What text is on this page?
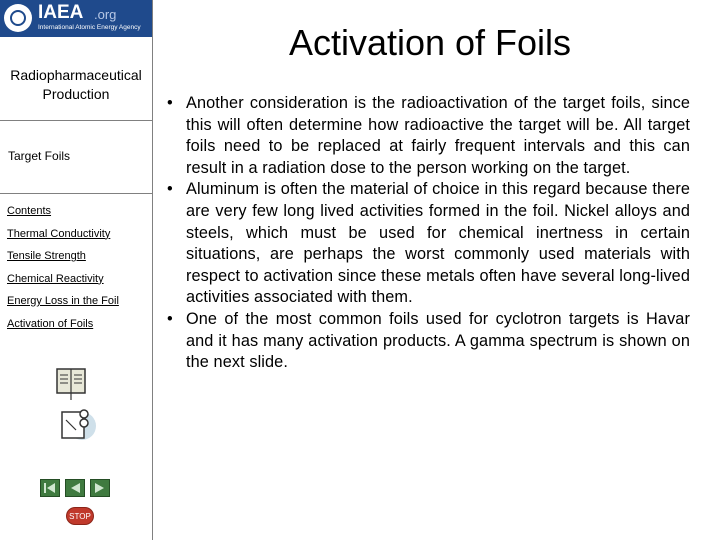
IAEA .org
International Atomic Energy Agency	Activation of Foils
Radiopharmaceutical
Production
Target Foils
Contents
Thermal Conductivity
Tensile Strength
Chemical Reactivity
Energy Loss in the Foil
Activation of Foils
STOP
• Another consideration is the radioactivation of the target foils, since this will often determine how radioactive the target will be. All target foils need to be replaced at fairly frequent intervals and this can result in a radiation dose to the person working on the target.
• Aluminum is often the material of choice in this regard because there are very few long lived activities formed in the foil. Nickel alloys and steels, which must be used for chemical inertness in certain situations, are perhaps the worst commonly used materials with respect to activation since these metals often have several long-lived activities associated with them.
• One of the most common foils used for cyclotron targets is Havar and it has many activation products. A gamma spectrum is shown on the next slide.
